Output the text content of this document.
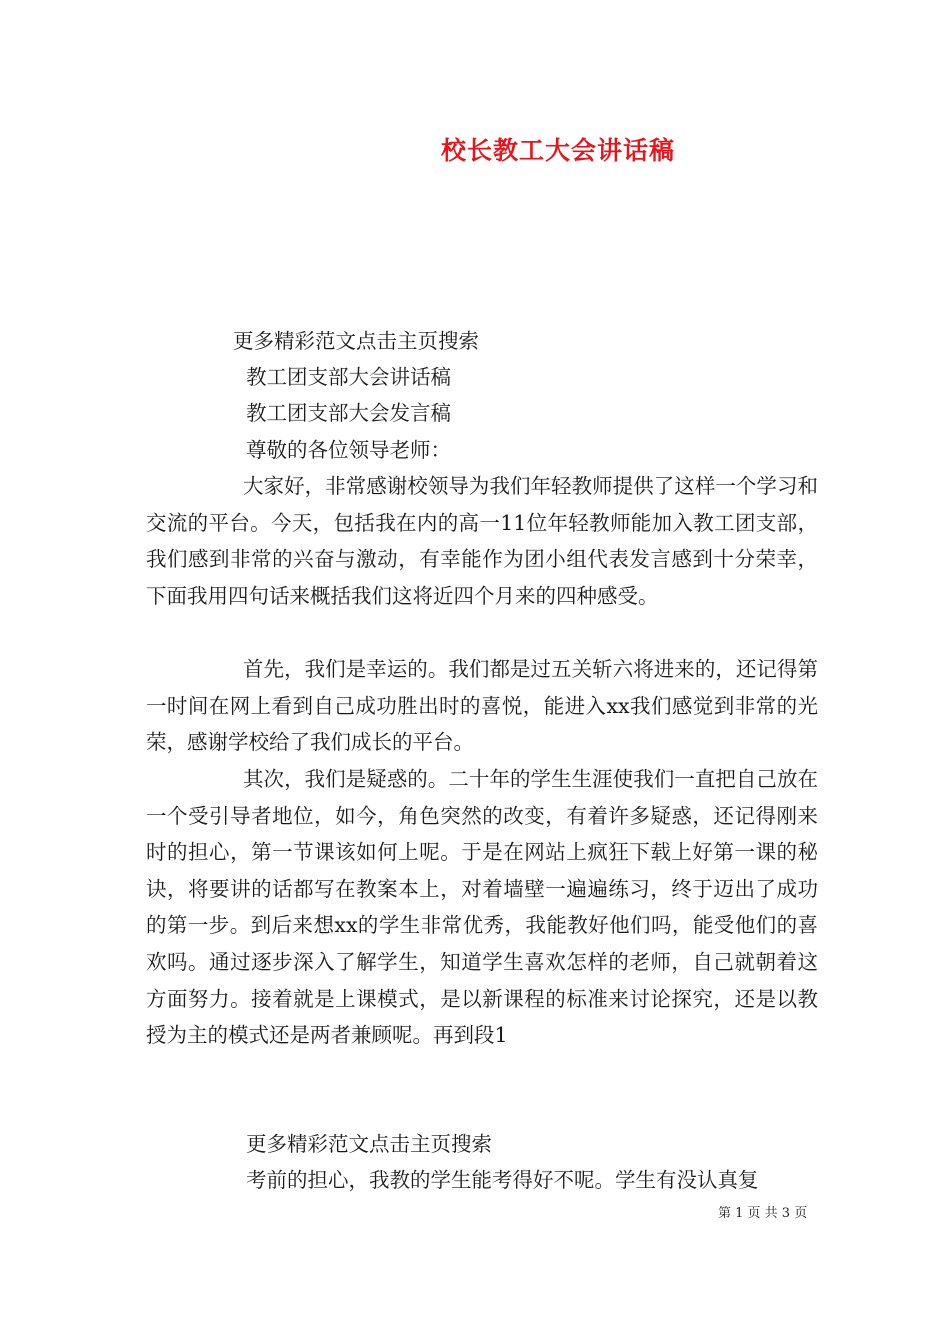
校长教工大会讲话稿

更多精彩范文点击主页搜索

教工团支部大会讲话稿

教工团支部大会发言稿

尊敬的各位领导老师：

大家好，非常感谢校领导为我们年轻教师提供了这样一个学习和交流的平台。今天，包括我在内的高一11位年轻教师能加入教工团支部，我们感到非常的兴奋与激动，有幸能作为团小组代表发言感到十分荣幸，下面我用四句话来概括我们这将近四个月来的四种感受。

首先，我们是幸运的。我们都是过五关斩六将进来的，还记得第一时间在网上看到自己成功胜出时的喜悦，能进入xx我们感觉到非常的光荣，感谢学校给了我们成长的平台。

其次，我们是疑惑的。二十年的学生生涯使我们一直把自己放在一个受引导者地位，如今，角色突然的改变，有着许多疑惑，还记得刚来时的担心，第一节课该如何上呢。于是在网站上疯狂下载上好第一课的秘诀，将要讲的话都写在教案本上，对着墙壁一遍遍练习，终于迈出了成功的第一步。到后来想xx的学生非常优秀，我能教好他们吗，能受他们的喜欢吗。通过逐步深入了解学生，知道学生喜欢怎样的老师，自己就朝着这方面努力。接着就是上课模式，是以新课程的标准来讨论探究，还是以教授为主的模式还是两者兼顾呢。再到段1

更多精彩范文点击主页搜索

考前的担心，我教的学生能考得好不呢。学生有没认真复

第 1 页 共 3 页
